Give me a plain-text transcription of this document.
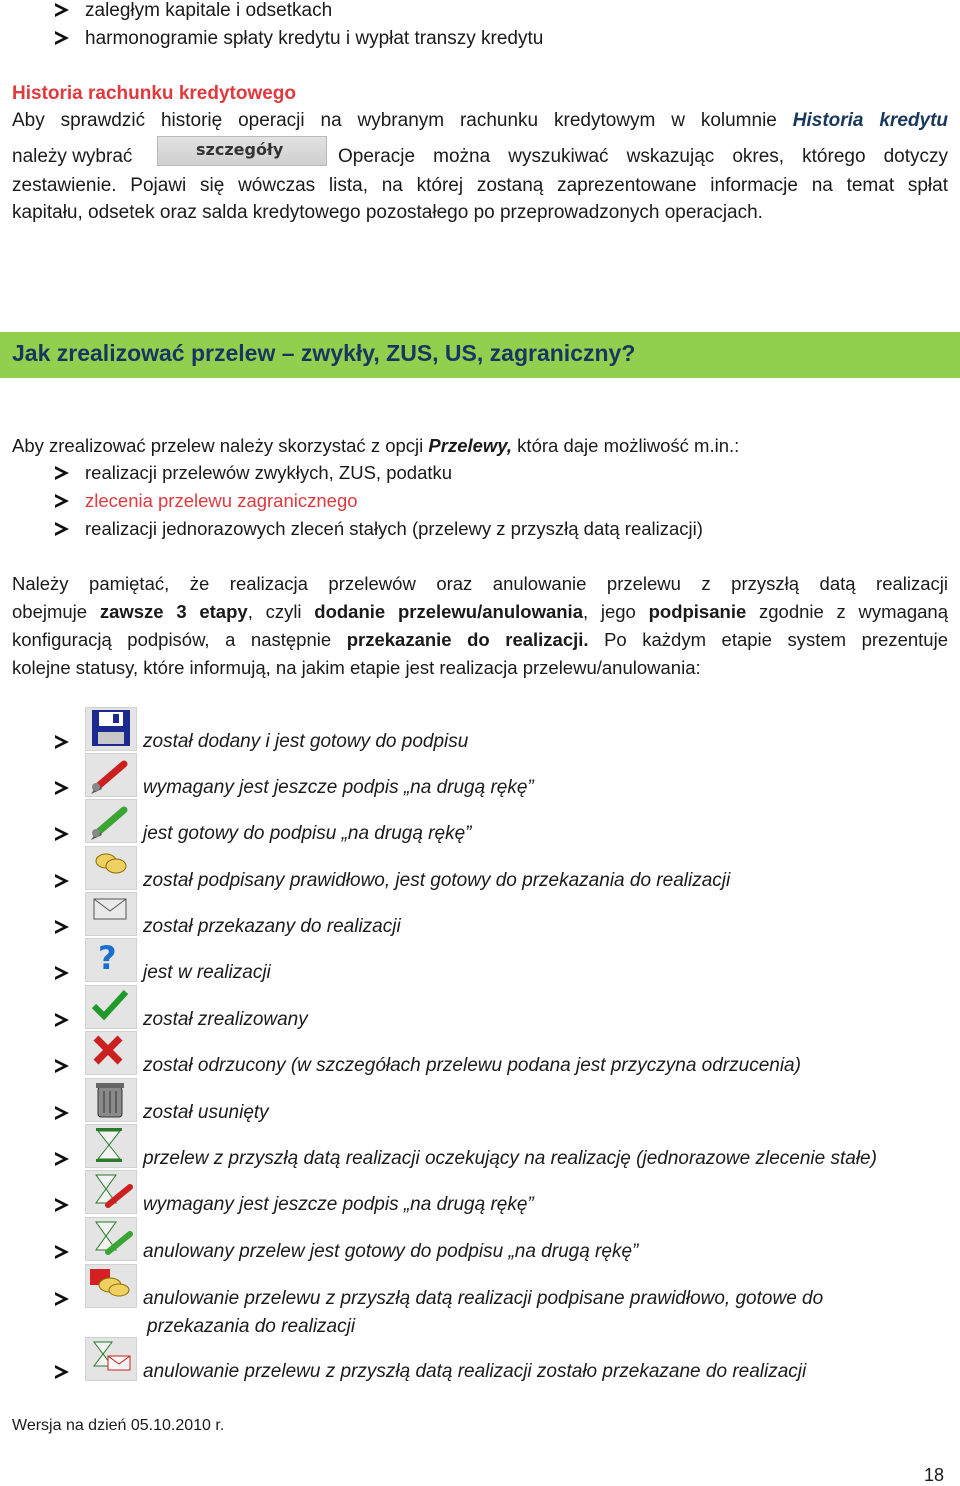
zaległym kapitale i odsetkach
harmonogramie spłaty kredytu i wypłat transzy kredytu
Historia rachunku kredytowego
Aby sprawdzić historię operacji na wybranym rachunku kredytowym w kolumnie Historia kredytu
należy wybrać	szczegóły	Operacje można wyszukiwać wskazując okres, którego dotyczy
zestawienie. Pojawi się wówczas lista, na której zostaną zaprezentowane informacje na temat spłat
kapitału, odsetek oraz salda kredytowego pozostałego po przeprowadzonych operacjach.
Jak zrealizować przelew – zwykły, ZUS, US, zagraniczny?
Aby zrealizować przelew należy skorzystać z opcji Przelewy, która daje możliwość m.in.:
realizacji przelewów zwykłych, ZUS, podatku
zlecenia przelewu zagranicznego
realizacji jednorazowych zleceń stałych (przelewy z przyszłą datą realizacji)
Należy pamiętać, że realizacja przelewów oraz anulowanie przelewu z przyszłą datą realizacji
obejmuje zawsze 3 etapy, czyli dodanie przelewu/anulowania, jego podpisanie zgodnie z wymaganą
konfiguracją podpisów, a następnie przekazanie do realizacji. Po każdym etapie system prezentuje
kolejne statusy, które informują, na jakim etapie jest realizacja przelewu/anulowania:
został dodany i jest gotowy do podpisu
wymagany jest jeszcze podpis „na drugą rękę”
jest gotowy do podpisu „na drugą rękę”
został podpisany prawidłowo, jest gotowy do przekazania do realizacji
został przekazany do realizacji
? jest w realizacji
został zrealizowany
został odrzucony (w szczegółach przelewu podana jest przyczyna odrzucenia)
został usunięty
przelew z przyszłą datą realizacji oczekujący na realizację (jednorazowe zlecenie stałe)
wymagany jest jeszcze podpis „na drugą rękę”
anulowany przelew jest gotowy do podpisu „na drugą rękę”
anulowanie przelewu z przyszłą datą realizacji podpisane prawidłowo, gotowe do
przekazania do realizacji
anulowanie przelewu z przyszłą datą realizacji zostało przekazane do realizacji
Wersja na dzień 05.10.2010 r.
18
